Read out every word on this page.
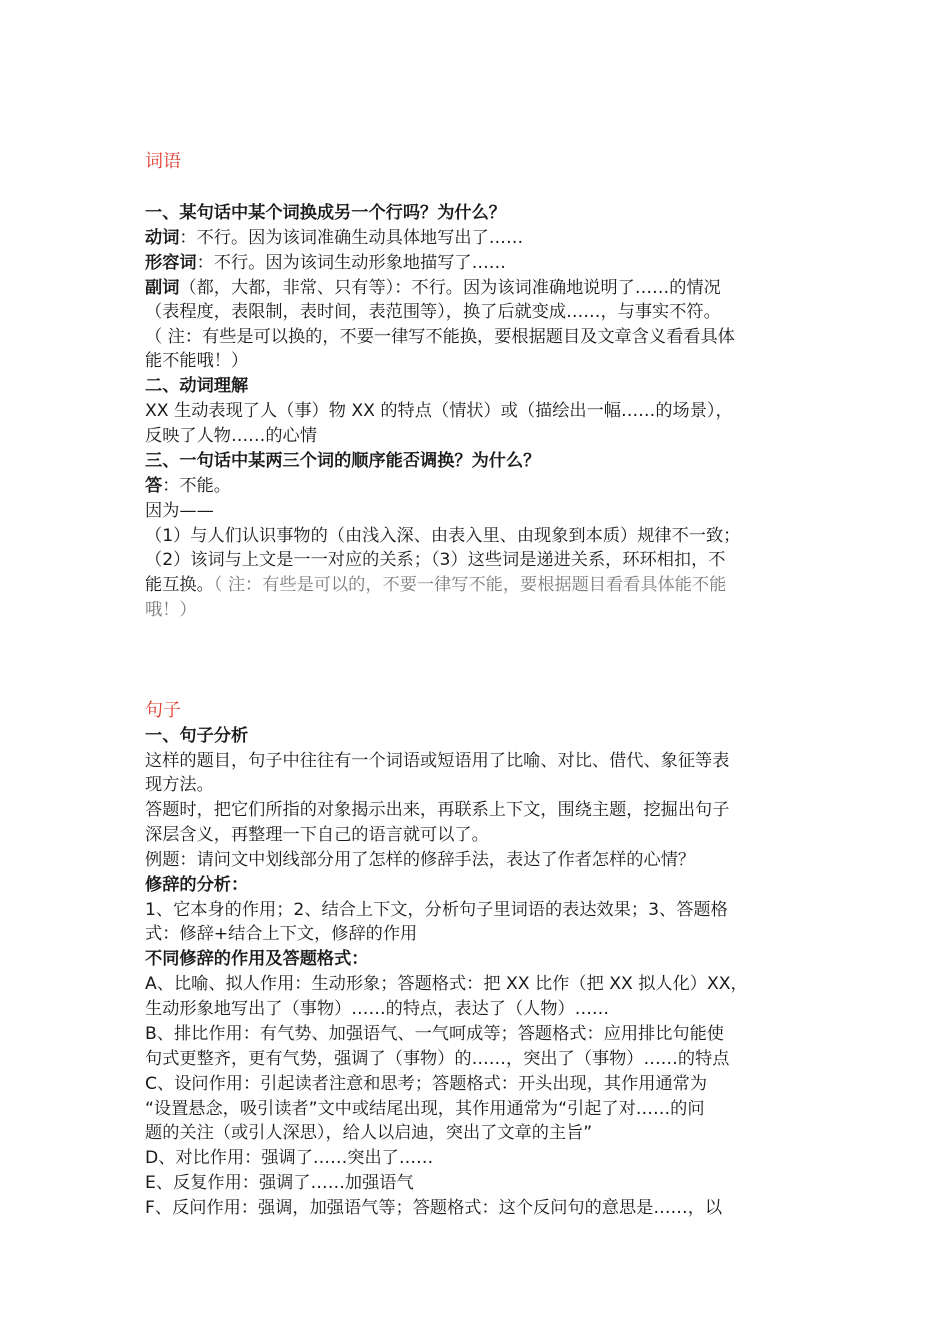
词语
一、某句话中某个词换成另一个行吗？为什么？
动词：不行。因为该词准确生动具体地写出了……
形容词：不行。因为该词生动形象地描写了……
副词（都，大都，非常、只有等）：不行。因为该词准确地说明了……的情况
（表程度，表限制，表时间，表范围等），换了后就变成……，与事实不符。
（ 注：有些是可以换的，不要一律写不能换，要根据题目及文章含义看看具体
能不能哦！）
二、动词理解
XX 生动表现了人（事）物 XX 的特点（情状）或（描绘出一幅……的场景），
反映了人物……的心情
三、一句话中某两三个词的顺序能否调换？为什么？
答：不能。
因为——
（1）与人们认识事物的（由浅入深、由表入里、由现象到本质）规律不一致；
（2）该词与上文是一一对应的关系；（3）这些词是递进关系，环环相扣，不
能互换。（ 注：有些是可以的，不要一律写不能，要根据题目看看具体能不能
哦！）
句子
一、句子分析
这样的题目，句子中往往有一个词语或短语用了比喻、对比、借代、象征等表
现方法。
答题时，把它们所指的对象揭示出来，再联系上下文，围绕主题，挖掘出句子
深层含义，再整理一下自己的语言就可以了。
例题：请问文中划线部分用了怎样的修辞手法，表达了作者怎样的心情？
修辞的分析：
1、它本身的作用；2、结合上下文，分析句子里词语的表达效果；3、答题格
式：修辞+结合上下文，修辞的作用
不同修辞的作用及答题格式：
A、比喻、拟人作用：生动形象；答题格式：把 XX 比作（把 XX 拟人化）XX，
生动形象地写出了（事物）……的特点，表达了（人物）……
B、排比作用：有气势、加强语气、一气呵成等；答题格式：应用排比句能使
句式更整齐，更有气势，强调了（事物）的……，突出了（事物）……的特点
C、设问作用：引起读者注意和思考；答题格式：开头出现，其作用通常为
“设置悬念，吸引读者”文中或结尾出现，其作用通常为“引起了对……的问
题的关注（或引人深思），给人以启迪，突出了文章的主旨”
D、对比作用：强调了……突出了……
E、反复作用：强调了……加强语气
F、反问作用：强调，加强语气等；答题格式：这个反问句的意思是……，以
